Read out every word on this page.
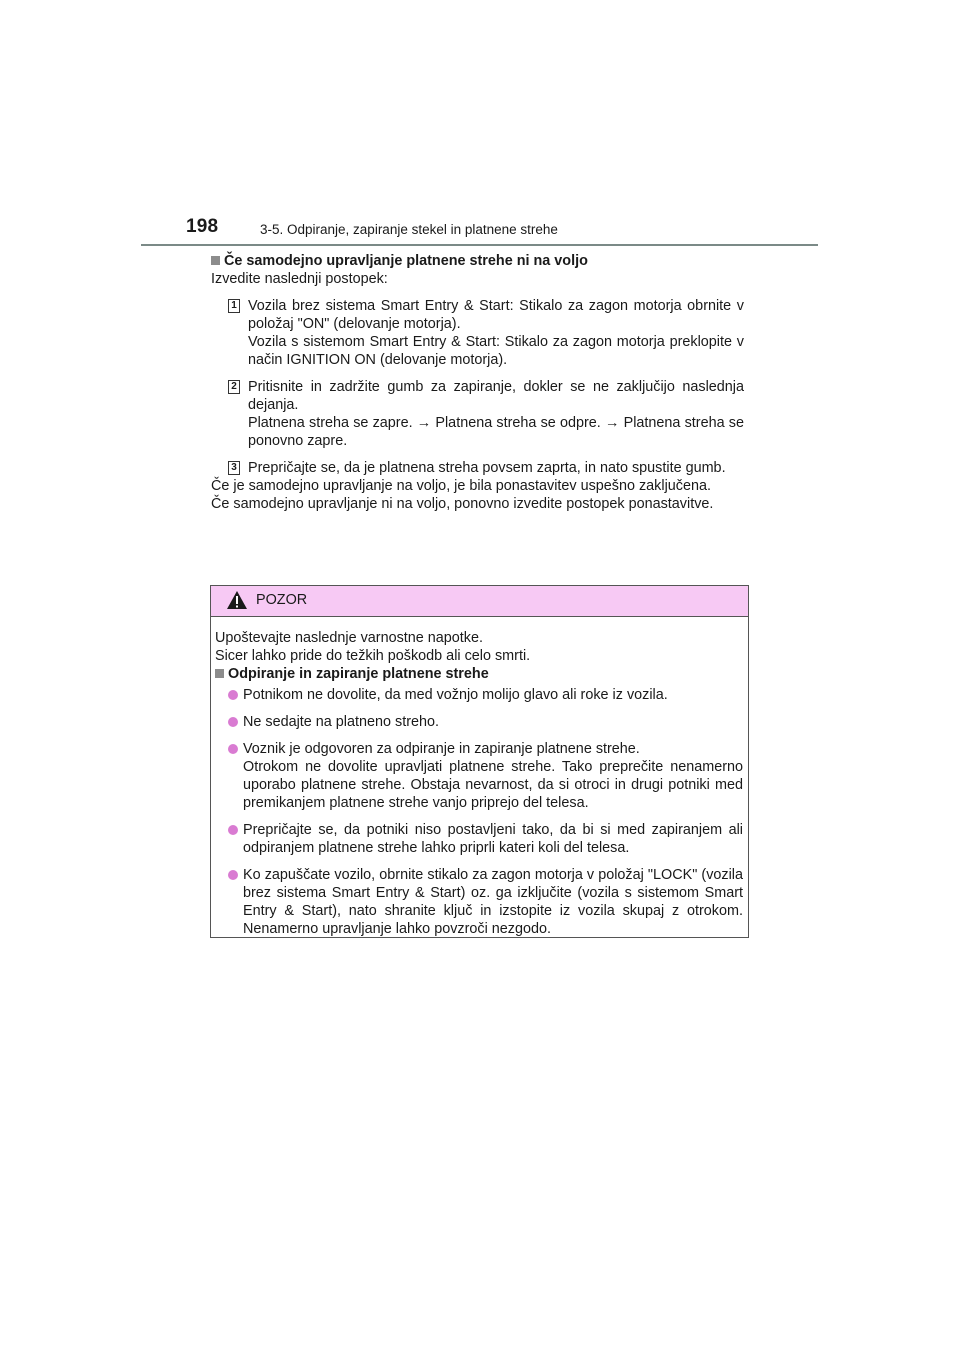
198	3-5. Odpiranje, zapiranje stekel in platnene strehe

Če samodejno upravljanje platnene strehe ni na voljo

Izvedite naslednji postopek:

1 Vozila brez sistema Smart Entry & Start: Stikalo za zagon motorja obrnite v položaj "ON" (delovanje motorja).

Vozila s sistemom Smart Entry & Start: Stikalo za zagon motorja preklopite v način IGNITION ON (delovanje motorja).

2 Pritisnite in zadržite gumb za zapiranje, dokler se ne zaključijo naslednja dejanja.

Platnena streha se zapre. → Platnena streha se odpre. → Platnena streha se ponovno zapre.

3 Prepričajte se, da je platnena streha povsem zaprta, in nato spustite gumb.

Če je samodejno upravljanje na voljo, je bila ponastavitev uspešno zaključena.

Če samodejno upravljanje ni na voljo, ponovno izvedite postopek ponastavitve.

POZOR

Upoštevajte naslednje varnostne napotke.

Sicer lahko pride do težkih poškodb ali celo smrti.

Odpiranje in zapiranje platnene strehe

Potnikom ne dovolite, da med vožnjo molijo glavo ali roke iz vozila.
Ne sedajte na platneno streho.
Voznik je odgovoren za odpiranje in zapiranje platnene strehe.
Otrokom ne dovolite upravljati platnene strehe. Tako preprečite nenamerno uporabo platnene strehe. Obstaja nevarnost, da si otroci in drugi potniki med premikanjem platnene strehe vanjo priprejo del telesa.
Prepričajte se, da potniki niso postavljeni tako, da bi si med zapiranjem ali odpiranjem platnene strehe lahko priprli kateri koli del telesa.
Ko zapuščate vozilo, obrnite stikalo za zagon motorja v položaj "LOCK" (vozila brez sistema Smart Entry & Start) oz. ga izključite (vozila s sistemom Smart Entry & Start), nato shranite ključ in izstopite iz vozila skupaj z otrokom. Nenamerno upravljanje lahko povzroči nezgodo.
